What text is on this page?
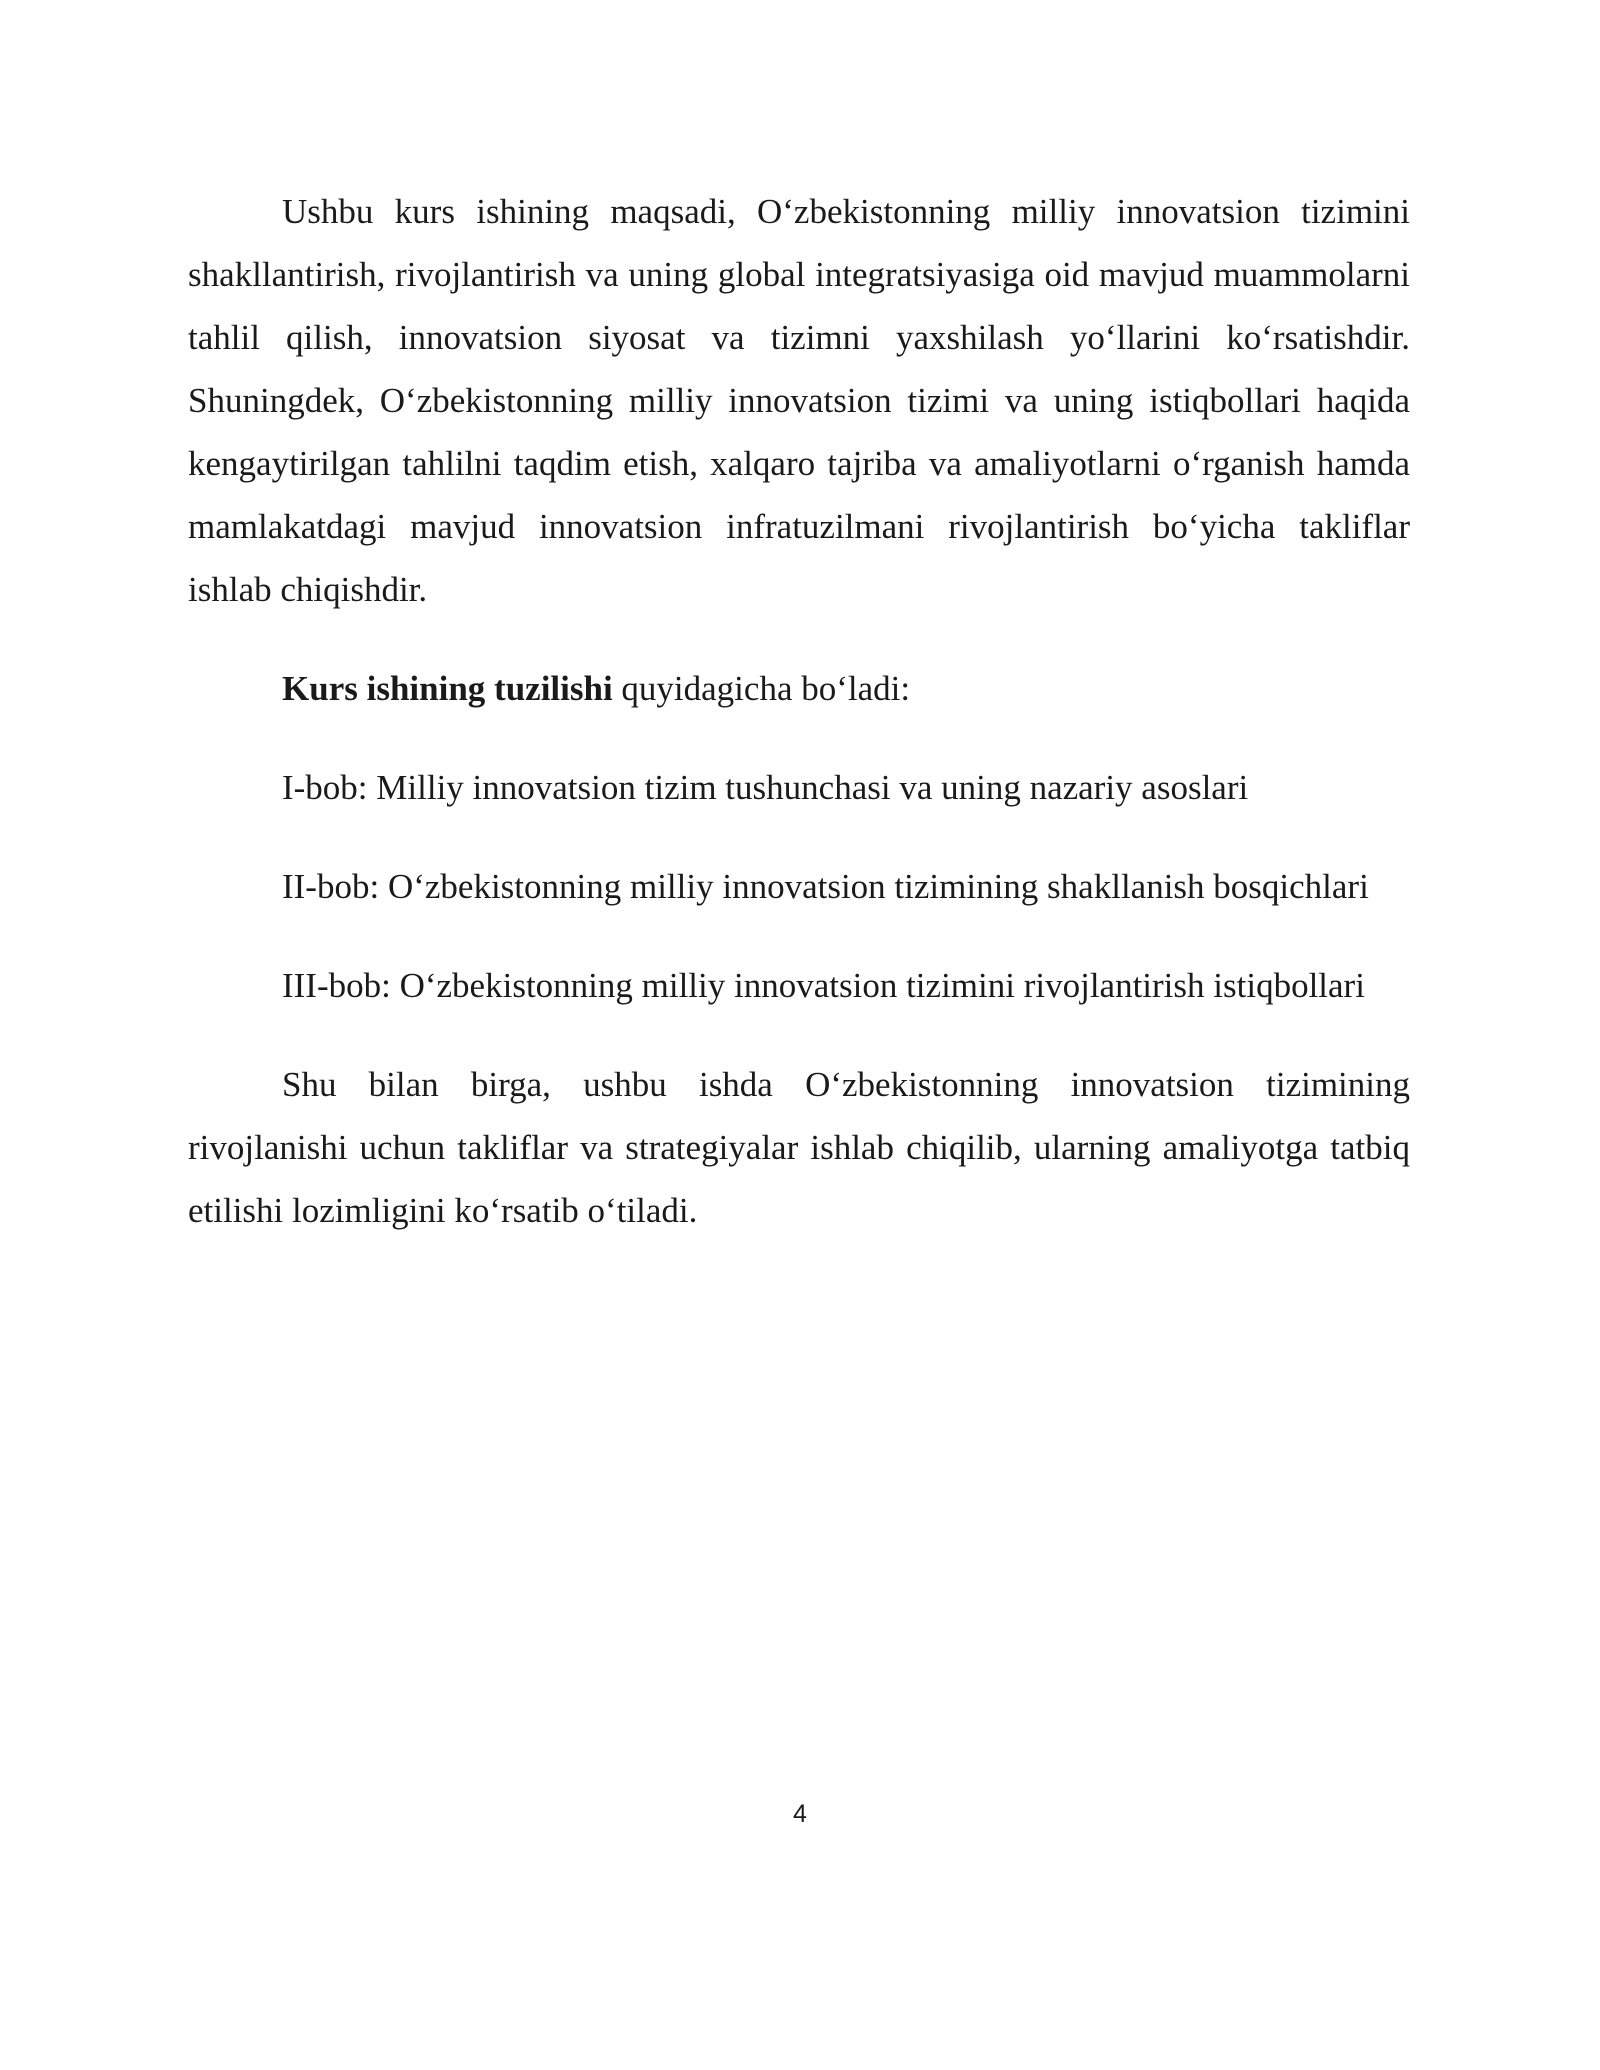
Ushbu kurs ishining maqsadi, O‘zbekistonning milliy innovatsion tizimini shakllantirish, rivojlantirish va uning global integratsiyasiga oid mavjud muammolarni tahlil qilish, innovatsion siyosat va tizimni yaxshilash yo‘llarini ko‘rsatishdir. Shuningdek, O‘zbekistonning milliy innovatsion tizimi va uning istiqbollari haqida kengaytirilgan tahlilni taqdim etish, xalqaro tajriba va amaliyotlarni o‘rganish hamda mamlakatdagi mavjud innovatsion infratuzilmani rivojlantirish bo‘yicha takliflar ishlab chiqishdir.

Kurs ishining tuzilishi quyidagicha bo‘ladi:

I-bob: Milliy innovatsion tizim tushunchasi va uning nazariy asoslari

II-bob: O‘zbekistonning milliy innovatsion tizimining shakllanish bosqichlari

III-bob: O‘zbekistonning milliy innovatsion tizimini rivojlantirish istiqbollari

Shu bilan birga, ushbu ishda O‘zbekistonning innovatsion tizimining rivojlanishi uchun takliflar va strategiyalar ishlab chiqilib, ularning amaliyotga tatbiq etilishi lozimligini ko‘rsatib o‘tiladi.

4
